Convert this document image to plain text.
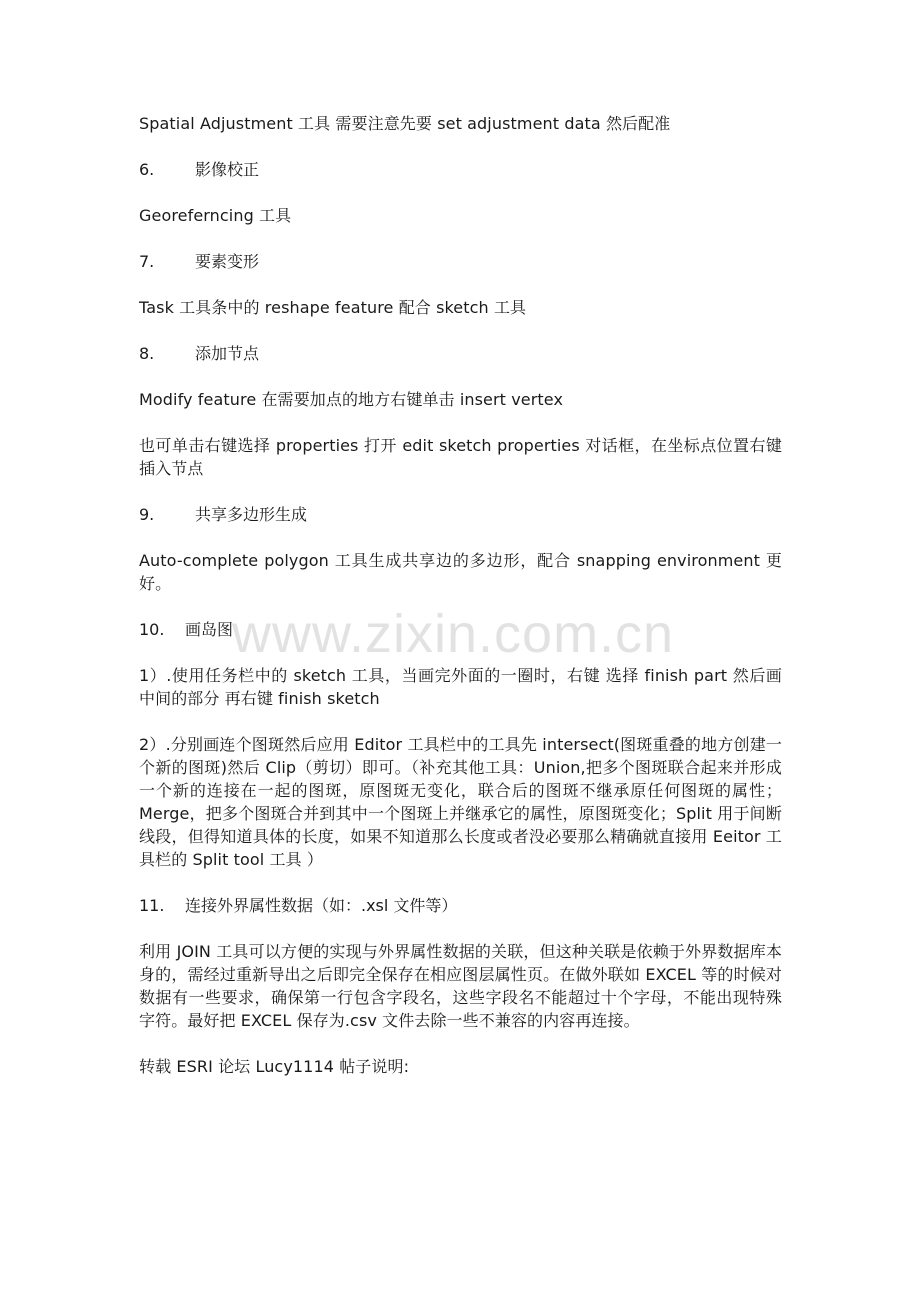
Spatial Adjustment 工具 需要注意先要 set adjustment data 然后配准

6.	影像校正

Georeferncing 工具

7.	要素变形

Task 工具条中的 reshape feature 配合 sketch 工具

8.	添加节点

Modify feature 在需要加点的地方右键单击 insert vertex

也可单击右键选择 properties 打开 edit sketch properties 对话框，在坐标点位置右键插入节点

9.	共享多边形生成

Auto-complete polygon 工具生成共享边的多边形，配合 snapping environment 更好。

10.	画岛图

1）.使用任务栏中的 sketch 工具，当画完外面的一圈时，右键 选择 finish part 然后画中间的部分 再右键 finish sketch

2）.分别画连个图斑然后应用 Editor 工具栏中的工具先 intersect(图斑重叠的地方创建一个新的图斑)然后 Clip（剪切）即可。（补充其他工具：Union,把多个图斑联合起来并形成一个新的连接在一起的图斑，原图斑无变化，联合后的图斑不继承原任何图斑的属性；Merge，把多个图斑合并到其中一个图斑上并继承它的属性，原图斑变化；Split 用于间断线段，但得知道具体的长度，如果不知道那么长度或者没必要那么精确就直接用 Eeitor 工具栏的 Split tool 工具 ）

11.	连接外界属性数据（如：.xsl 文件等）

利用 JOIN 工具可以方便的实现与外界属性数据的关联，但这种关联是依赖于外界数据库本身的，需经过重新导出之后即完全保存在相应图层属性页。在做外联如 EXCEL 等的时候对数据有一些要求，确保第一行包含字段名，这些字段名不能超过十个字母，不能出现特殊字符。最好把 EXCEL 保存为.csv 文件去除一些不兼容的内容再连接。

转载 ESRI 论坛 Lucy1114 帖子说明:

www.zixin.com.cn
